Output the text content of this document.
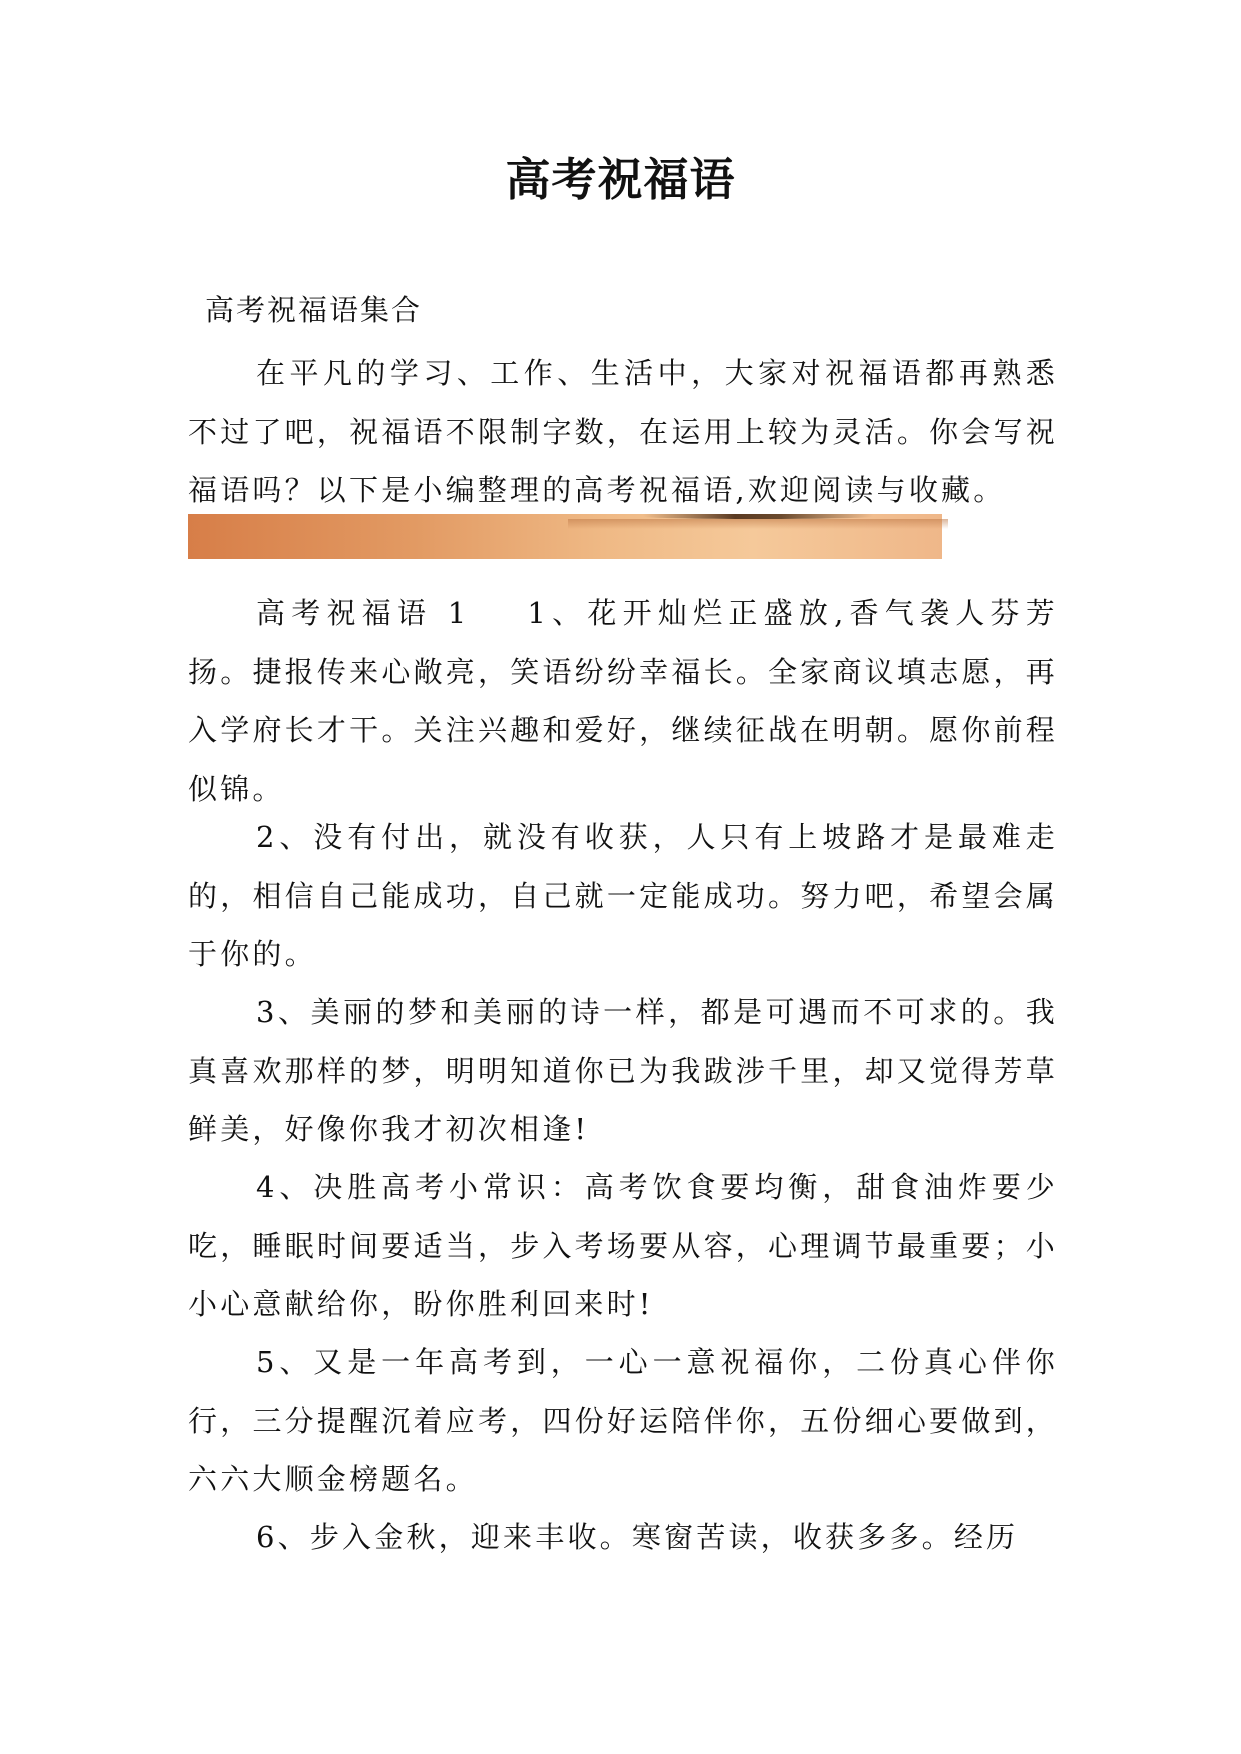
高考祝福语
高考祝福语集合

在平凡的学习、工作、生活中，大家对祝福语都再熟悉不过了吧，祝福语不限制字数，在运用上较为灵活。你会写祝福语吗？以下是小编整理的高考祝福语,欢迎阅读与收藏。

高考祝福语 1 1、花开灿烂正盛放,香气袭人芬芳扬。捷报传来心敞亮，笑语纷纷幸福长。全家商议填志愿，再入学府长才干。关注兴趣和爱好，继续征战在明朝。愿你前程似锦。

2、没有付出，就没有收获，人只有上坡路才是最难走的，相信自己能成功，自己就一定能成功。努力吧，希望会属于你的。

3、美丽的梦和美丽的诗一样，都是可遇而不可求的。我真喜欢那样的梦，明明知道你已为我跋涉千里，却又觉得芳草鲜美，好像你我才初次相逢!

4、决胜高考小常识：高考饮食要均衡，甜食油炸要少吃，睡眠时间要适当，步入考场要从容，心理调节最重要；小小心意献给你，盼你胜利回来时!

5、又是一年高考到，一心一意祝福你，二份真心伴你行，三分提醒沉着应考，四份好运陪伴你，五份细心要做到，六六大顺金榜题名。

6、步入金秋，迎来丰收。寒窗苦读，收获多多。经历
